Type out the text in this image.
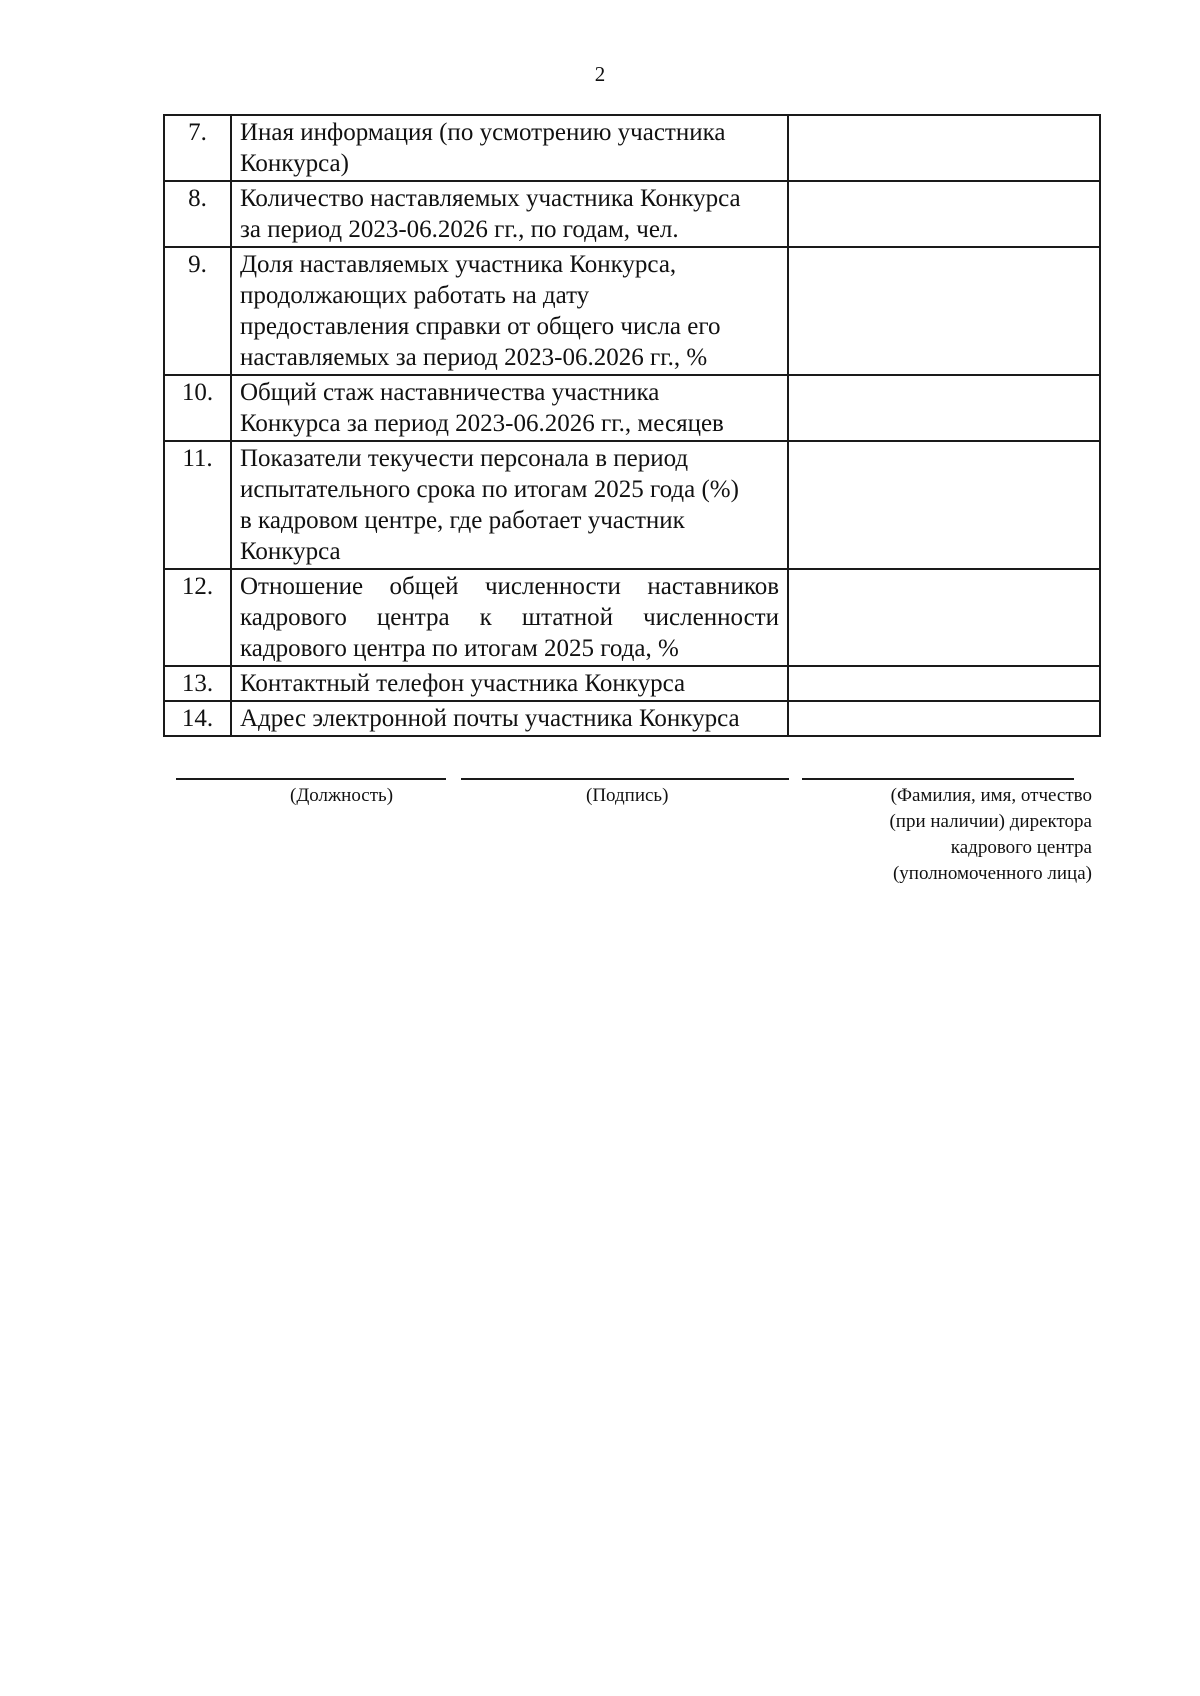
2
7.	Иная информация (по усмотрению участника
Конкурса)	
8.	Количество наставляемых участника Конкурса
за период 2023-06.2026 гг., по годам, чел.	
9.	Доля наставляемых участника Конкурса,
продолжающих работать на дату
предоставления справки от общего числа его
наставляемых за период 2023-06.2026 гг., %	
10.	Общий стаж наставничества участника
Конкурса за период 2023-06.2026 гг., месяцев	
11.	Показатели текучести персонала в период
испытательного срока по итогам 2025 года (%)
в кадровом центре, где работает участник
Конкурса	
12.	Отношение общей численности наставников кадрового центра к штатной численности кадрового центра по итогам 2025 года, %	
13.	Контактный телефон участника Конкурса	
14.	Адрес электронной почты участника Конкурса	
(Должность)	(Подпись)	(Фамилия, имя, отчество
(при наличии) директора
кадрового центра
(уполномоченного лица)
